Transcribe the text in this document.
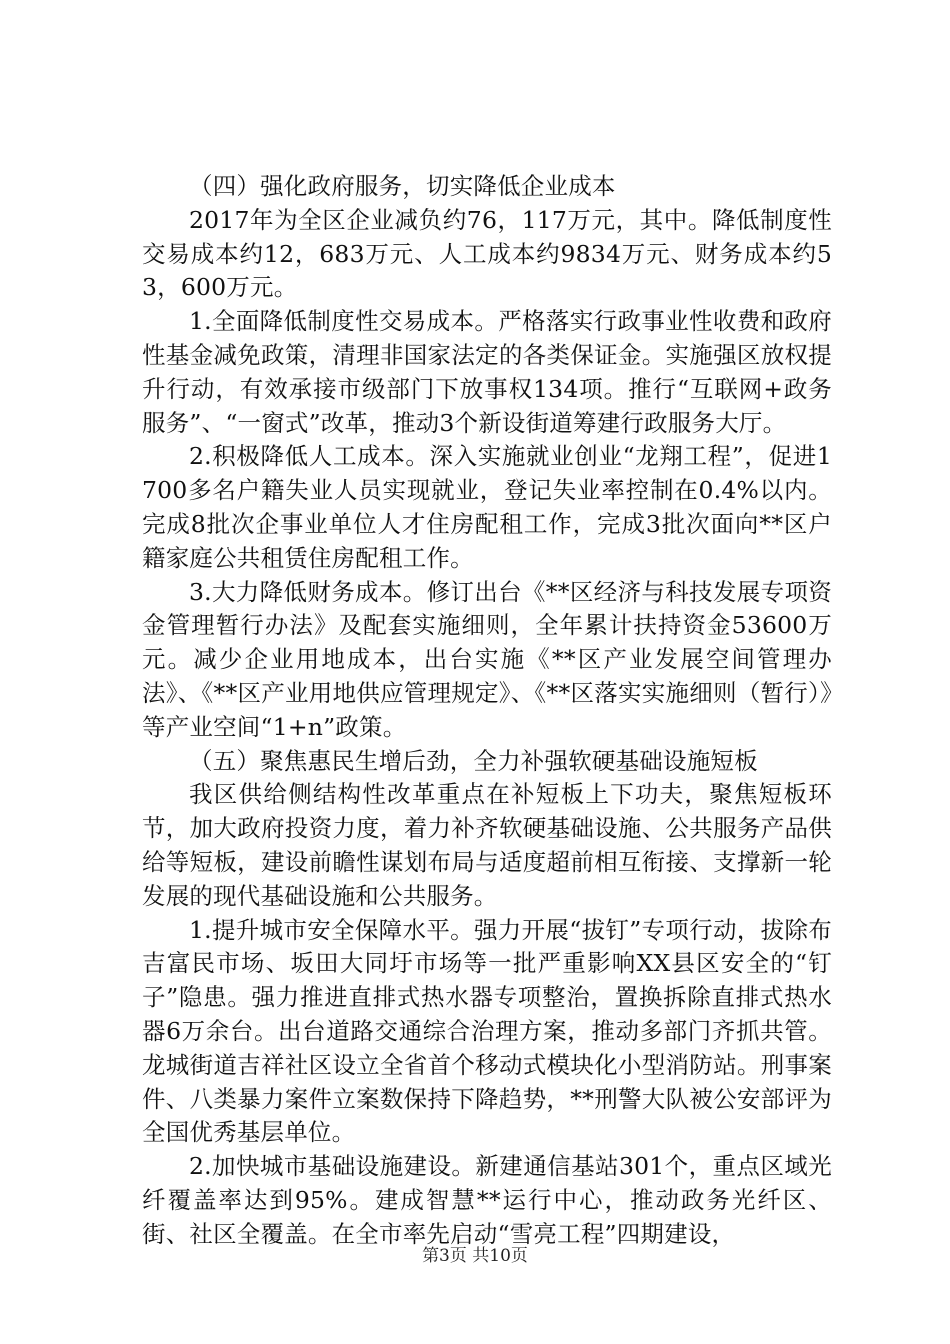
（四）强化政府服务，切实降低企业成本

2017年为全区企业减负约76，117万元，其中。降低制度性交易成本约12，683万元、人工成本约9834万元、财务成本约53，600万元。

1.全面降低制度性交易成本。严格落实行政事业性收费和政府性基金减免政策，清理非国家法定的各类保证金。实施强区放权提升行动，有效承接市级部门下放事权134项。推行“互联网+政务服务”、“一窗式”改革，推动3个新设街道筹建行政服务大厅。

2.积极降低人工成本。深入实施就业创业“龙翔工程”，促进1700多名户籍失业人员实现就业，登记失业率控制在0.4%以内。完成8批次企事业单位人才住房配租工作，完成3批次面向**区户籍家庭公共租赁住房配租工作。

3.大力降低财务成本。修订出台《**区经济与科技发展专项资金管理暂行办法》及配套实施细则，全年累计扶持资金53600万元。减少企业用地成本，出台实施《**区产业发展空间管理办法》、《**区产业用地供应管理规定》、《**区落实实施细则（暂行）》等产业空间“1+n”政策。

（五）聚焦惠民生增后劲，全力补强软硬基础设施短板

我区供给侧结构性改革重点在补短板上下功夫，聚焦短板环节，加大政府投资力度，着力补齐软硬基础设施、公共服务产品供给等短板，建设前瞻性谋划布局与适度超前相互衔接、支撑新一轮发展的现代基础设施和公共服务。

1.提升城市安全保障水平。强力开展“拔钉”专项行动，拔除布吉富民市场、坂田大同圩市场等一批严重影响XX县区安全的“钉子”隐患。强力推进直排式热水器专项整治，置换拆除直排式热水器6万余台。出台道路交通综合治理方案，推动多部门齐抓共管。龙城街道吉祥社区设立全省首个移动式模块化小型消防站。刑事案件、八类暴力案件立案数保持下降趋势，**刑警大队被公安部评为全国优秀基层单位。

2.加快城市基础设施建设。新建通信基站301个，重点区域光纤覆盖率达到95%。建成智慧**运行中心，推动政务光纤区、街、社区全覆盖。在全市率先启动“雪亮工程”四期建设，

第3页 共10页
